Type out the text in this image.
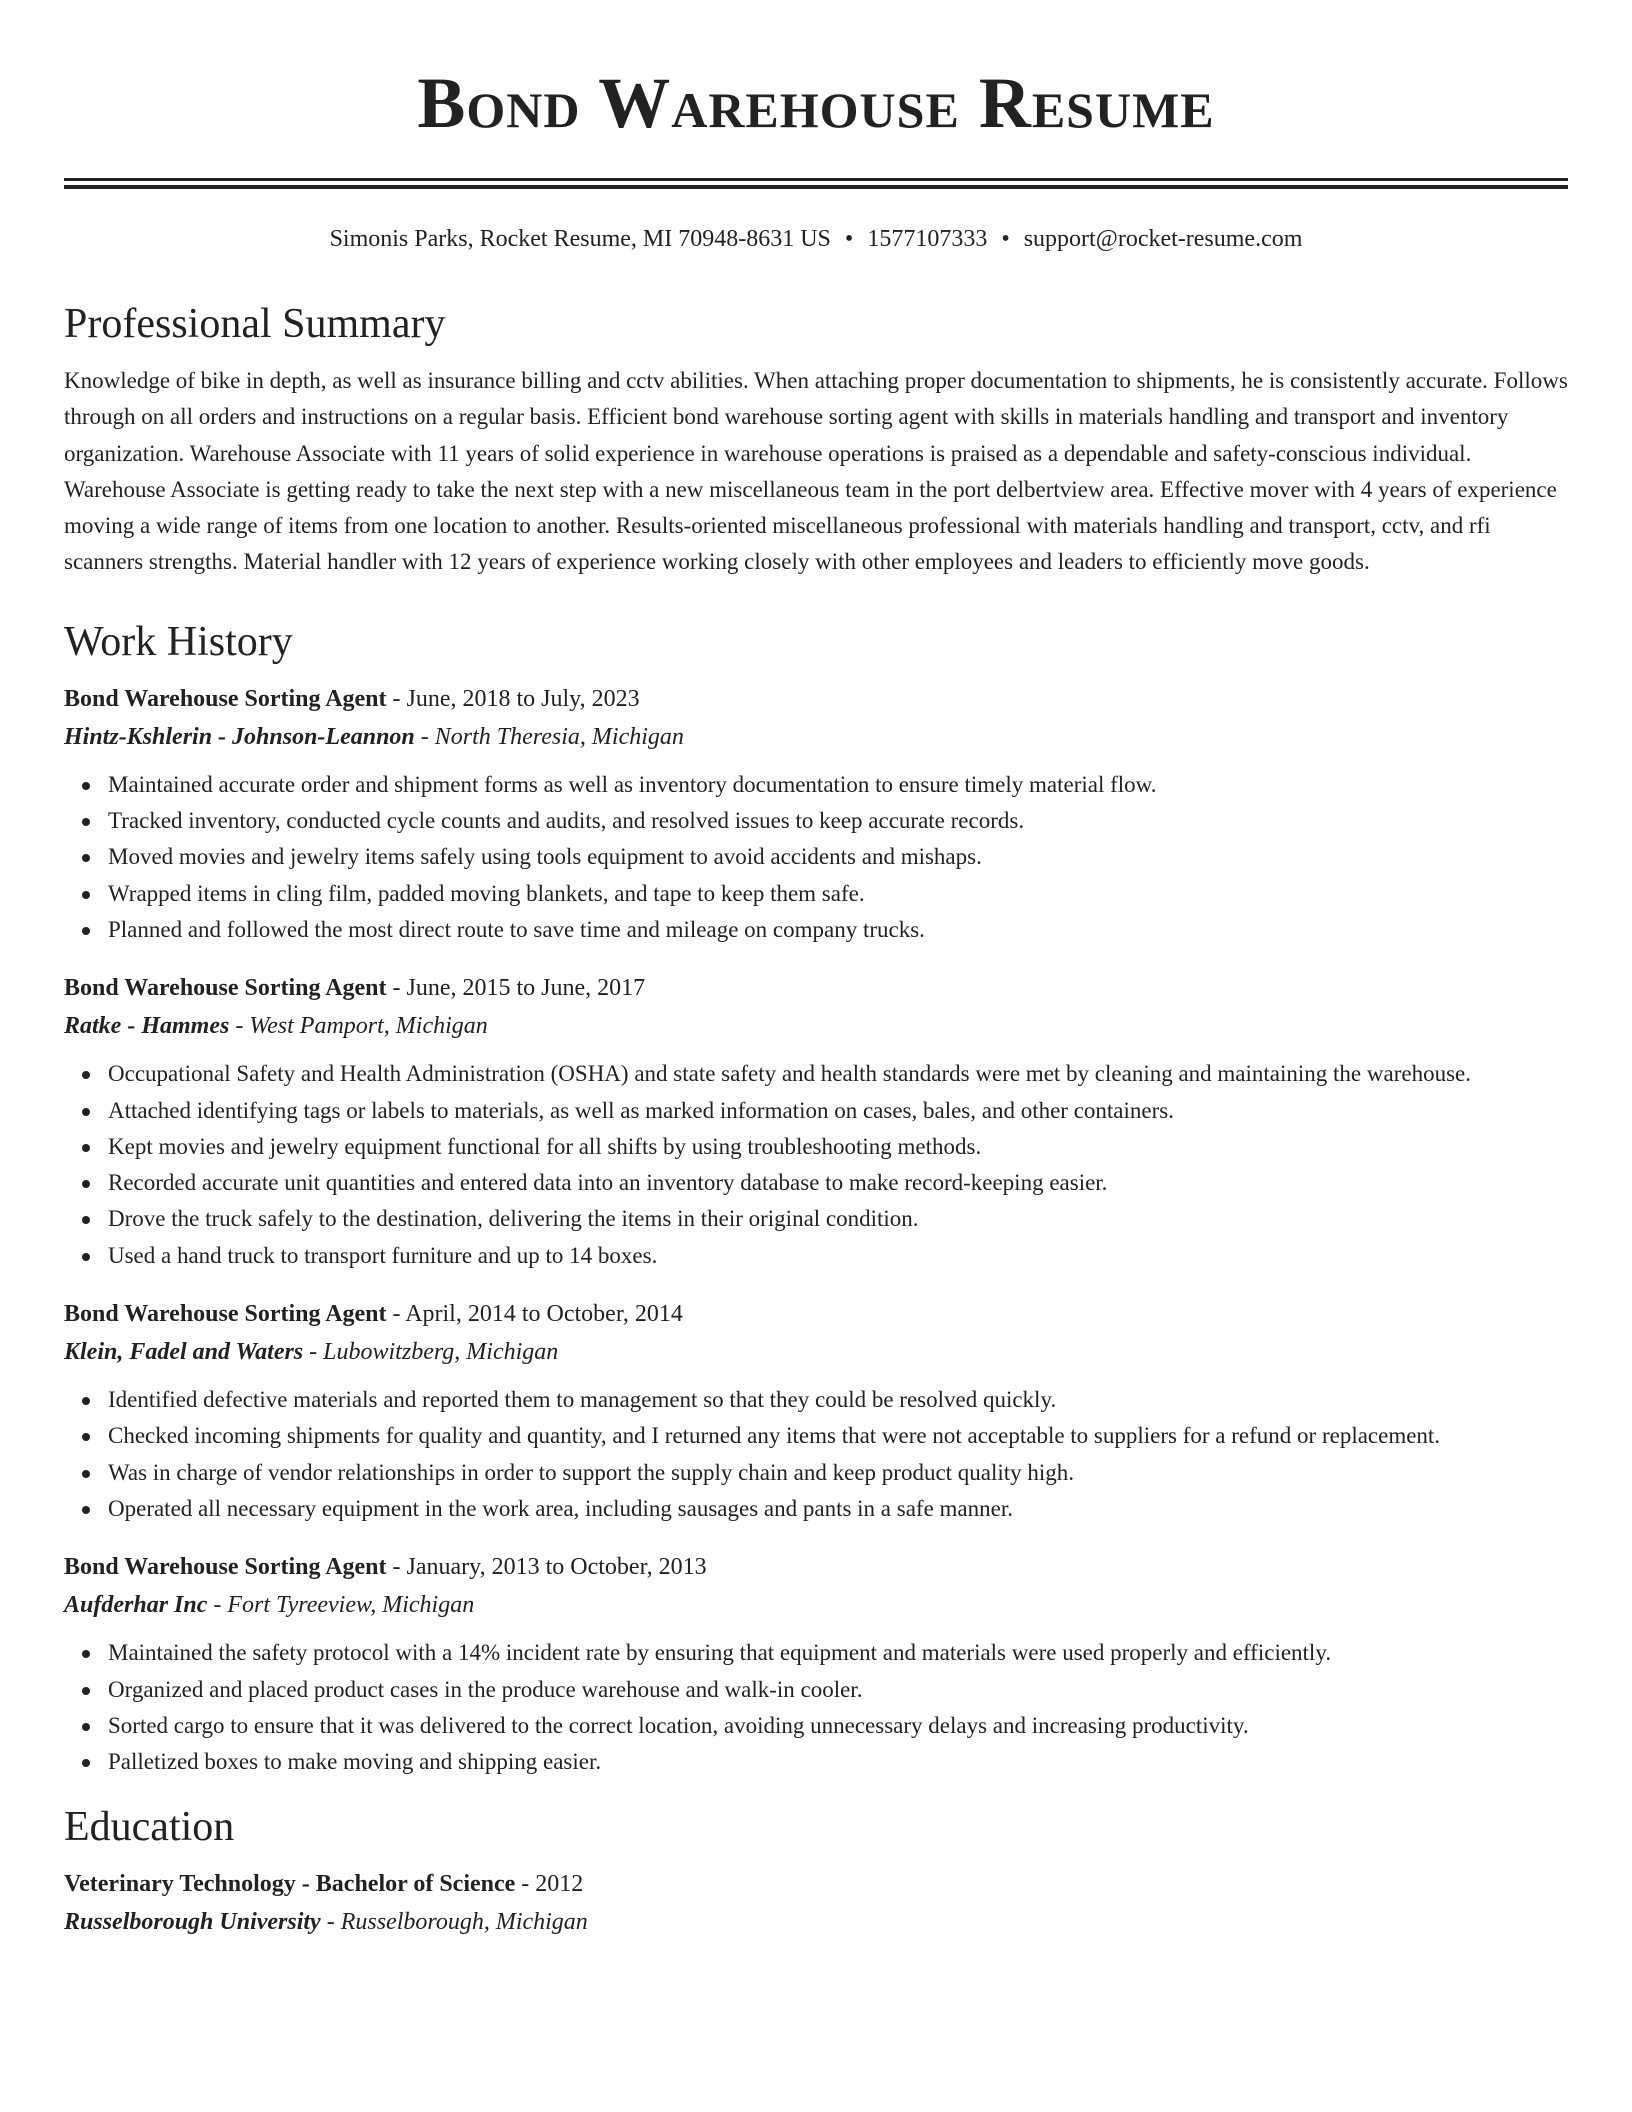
Bond Warehouse Resume
Simonis Parks, Rocket Resume, MI 70948-8631 US • 1577107333 • support@rocket-resume.com
Professional Summary

Knowledge of bike in depth, as well as insurance billing and cctv abilities. When attaching proper documentation to shipments, he is consistently accurate. Follows through on all orders and instructions on a regular basis. Efficient bond warehouse sorting agent with skills in materials handling and transport and inventory organization. Warehouse Associate with 11 years of solid experience in warehouse operations is praised as a dependable and safety-conscious individual. Warehouse Associate is getting ready to take the next step with a new miscellaneous team in the port delbertview area. Effective mover with 4 years of experience moving a wide range of items from one location to another. Results-oriented miscellaneous professional with materials handling and transport, cctv, and rfi scanners strengths. Material handler with 12 years of experience working closely with other employees and leaders to efficiently move goods.

Work History
Bond Warehouse Sorting Agent - June, 2018 to July, 2023
Hintz-Kshlerin - Johnson-Leannon - North Theresia, Michigan
Maintained accurate order and shipment forms as well as inventory documentation to ensure timely material flow.
Tracked inventory, conducted cycle counts and audits, and resolved issues to keep accurate records.
Moved movies and jewelry items safely using tools equipment to avoid accidents and mishaps.
Wrapped items in cling film, padded moving blankets, and tape to keep them safe.
Planned and followed the most direct route to save time and mileage on company trucks.
Bond Warehouse Sorting Agent - June, 2015 to June, 2017
Ratke - Hammes - West Pamport, Michigan
Occupational Safety and Health Administration (OSHA) and state safety and health standards were met by cleaning and maintaining the warehouse.
Attached identifying tags or labels to materials, as well as marked information on cases, bales, and other containers.
Kept movies and jewelry equipment functional for all shifts by using troubleshooting methods.
Recorded accurate unit quantities and entered data into an inventory database to make record-keeping easier.
Drove the truck safely to the destination, delivering the items in their original condition.
Used a hand truck to transport furniture and up to 14 boxes.
Bond Warehouse Sorting Agent - April, 2014 to October, 2014
Klein, Fadel and Waters - Lubowitzberg, Michigan
Identified defective materials and reported them to management so that they could be resolved quickly.
Checked incoming shipments for quality and quantity, and I returned any items that were not acceptable to suppliers for a refund or replacement.
Was in charge of vendor relationships in order to support the supply chain and keep product quality high.
Operated all necessary equipment in the work area, including sausages and pants in a safe manner.
Bond Warehouse Sorting Agent - January, 2013 to October, 2013
Aufderhar Inc - Fort Tyreeview, Michigan
Maintained the safety protocol with a 14% incident rate by ensuring that equipment and materials were used properly and efficiently.
Organized and placed product cases in the produce warehouse and walk-in cooler.
Sorted cargo to ensure that it was delivered to the correct location, avoiding unnecessary delays and increasing productivity.
Palletized boxes to make moving and shipping easier.
Education
Veterinary Technology - Bachelor of Science - 2012
Russelborough University - Russelborough, Michigan
